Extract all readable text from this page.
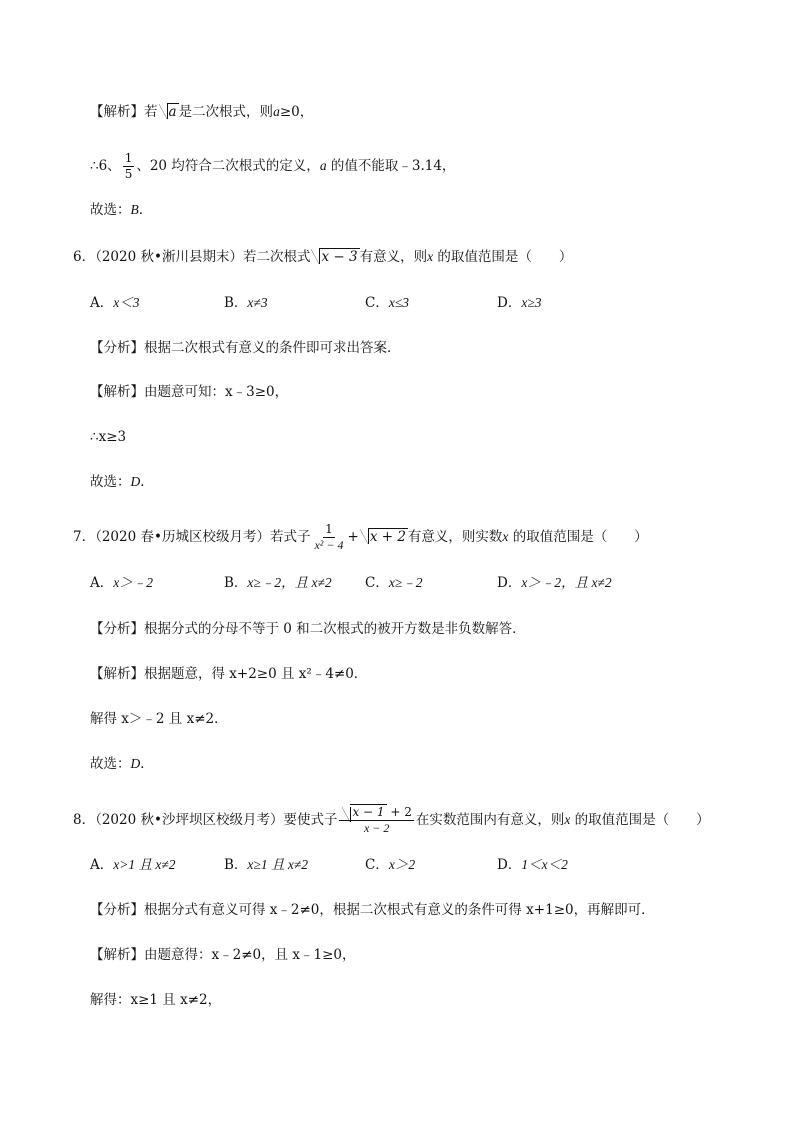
【解析】若 a 是二次根式，则a≥0，
∴6、 $\frac{1}{5}$ 、20 均符合二次根式的定义，a 的值不能取﹣3.14，
故选：B．
6．（2020 秋•淅川县期末）若二次根式 x − 3 有意义，则x 的取值范围是（　　）
A．x＜3	B．x≠3	C．x≤3	D．x≥3
【分析】根据二次根式有意义的条件即可求出答案．
【解析】由题意可知：x﹣3≥0，
∴x≥3
故选：D．
7．（2020 春•历城区校级月考）若式子 $\frac{1}{\text{x² − 4}} + x + 2$ 有意义，则实数x 的取值范围是（　　）
A．x＞﹣2	B．x≥﹣2，且 x≠2 C．x≥﹣2	D．x＞﹣2，且 x≠2
【分析】根据分式的分母不等于 0 和二次根式的被开方数是非负数解答．
【解析】根据题意，得 x+2≥0 且 x²﹣4≠0．
解得 x＞﹣2 且 x≠2．
故选：D．
8．（2020 秋•沙坪坝区校级月考）要使式子 $\frac{x - 1 + 2}{x - 2}$ 在实数范围内有意义，则x 的取值范围是（　　）
A．x>1 且 x≠2	B．x≥1 且 x≠2	C．x＞2	D．1＜x＜2
【分析】根据分式有意义可得 x﹣2≠0，根据二次根式有意义的条件可得 x+1≥0，再解即可．
【解析】由题意得：x﹣2≠0，且 x﹣1≥0，
解得：x≥1 且 x≠2，
